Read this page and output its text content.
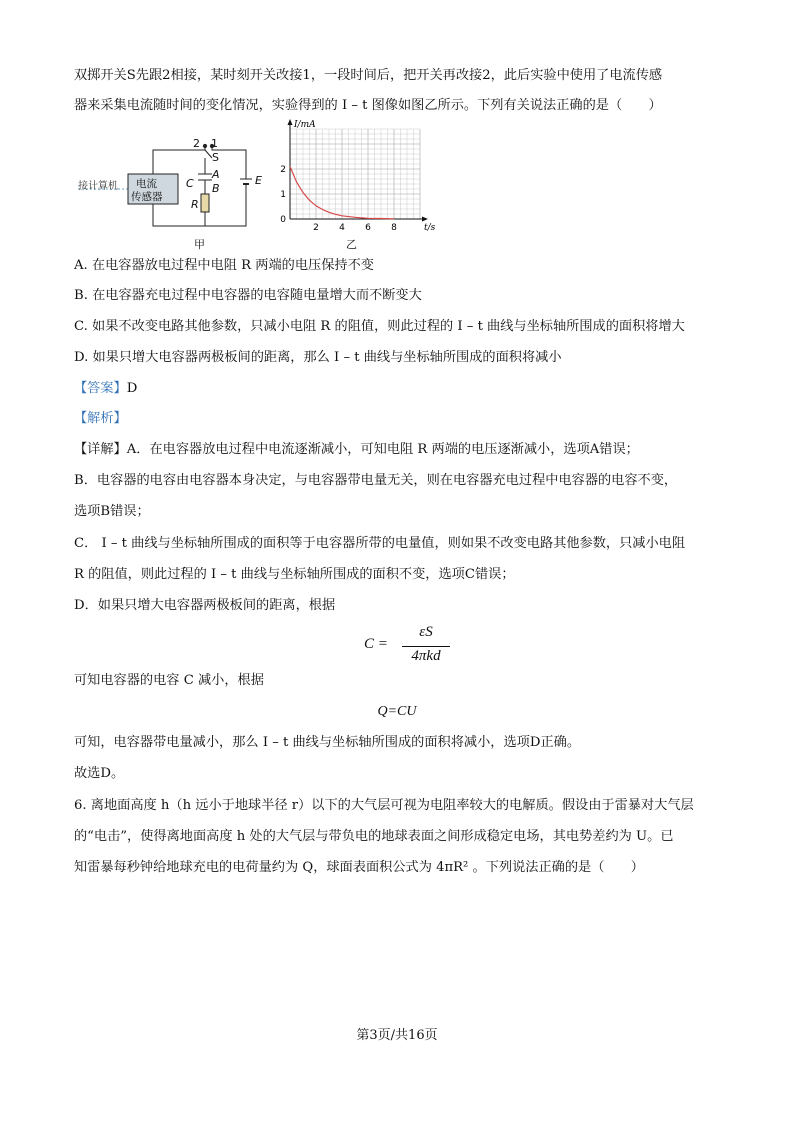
双掷开关S先跟2相接，某时刻开关改接1，一段时间后，把开关再改接2，此后实验中使用了电流传感
器来采集电流随时间的变化情况，实验得到的 I – t 图像如图乙所示。下列有关说法正确的是（　　）
2 4 6 8
0
1
2
t/s
I/mA
接计算机 电流
传感器
2 1
S
C
A
B
R
E
甲	乙
A. 在电容器放电过程中电阻 R 两端的电压保持不变
B. 在电容器充电过程中电容器的电容随电量增大而不断变大
C. 如果不改变电路其他参数，只减小电阻 R 的阻值，则此过程的 I – t 曲线与坐标轴所围成的面积将增大
D. 如果只增大电容器两极板间的距离，那么 I – t 曲线与坐标轴所围成的面积将减小
【答案】D
【解析】
【详解】A．在电容器放电过程中电流逐渐减小，可知电阻 R 两端的电压逐渐减小，选项A错误；
B．电容器的电容由电容器本身决定，与电容器带电量无关，则在电容器充电过程中电容器的电容不变，
选项B错误；
C． I – t 曲线与坐标轴所围成的面积等于电容器所带的电量值，则如果不改变电路其他参数，只减小电阻
R 的阻值，则此过程的 I – t 曲线与坐标轴所围成的面积不变，选项C错误；
D．如果只增大电容器两极板间的距离，根据
C =
εS
4πkd
可知电容器的电容 C 减小，根据
Q=CU
可知，电容器带电量减小，那么 I – t 曲线与坐标轴所围成的面积将减小，选项D正确。
故选D。
6. 离地面高度 h（h 远小于地球半径 r）以下的大气层可视为电阻率较大的电解质。假设由于雷暴对大气层
的“电击”，使得离地面高度 h 处的大气层与带负电的地球表面之间形成稳定电场，其电势差约为 U。已
知雷暴每秒钟给地球充电的电荷量约为 Q，球面表面积公式为 4πR² 。下列说法正确的是（　　）
第3页/共16页
